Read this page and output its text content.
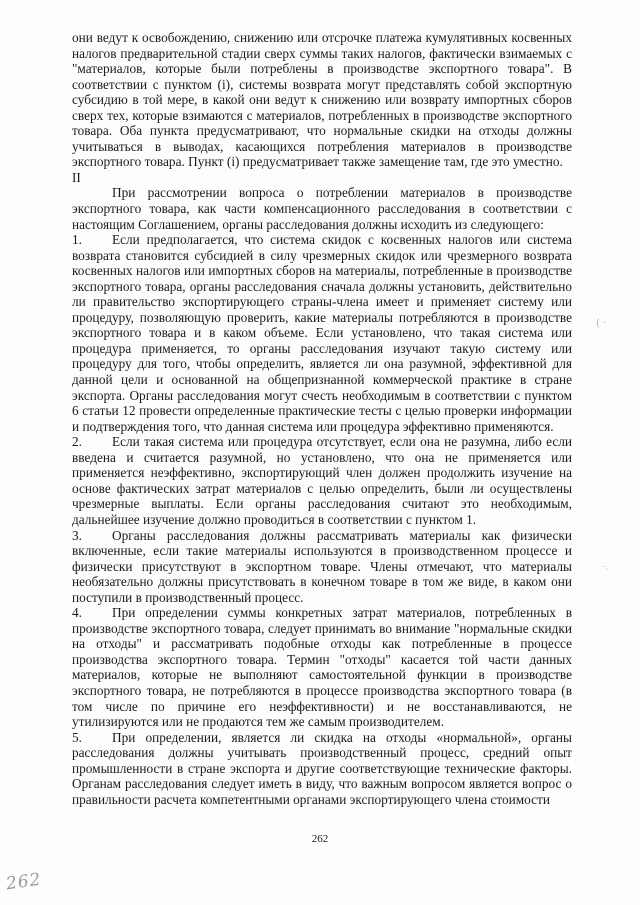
они ведут к освобождению, снижению или отсрочке платежа кумулятивных косвенных налогов предварительной стадии сверх суммы таких налогов, фактически взимаемых с "материалов, которые были потреблены в производстве экспортного товара". В соответствии с пунктом (i), системы возврата могут представлять собой экспортную субсидию в той мере, в какой они ведут к снижению или возврату импортных сборов сверх тех, которые взимаются с материалов, потребленных в производстве экспортного товара. Оба пункта предусматривают, что нормальные скидки на отходы должны учитываться в выводах, касающихся потребления материалов в производстве экспортного товара. Пункт (i) предусматривает также замещение там, где это уместно.

II

При рассмотрении вопроса о потреблении материалов в производстве экспортного товара, как части компенсационного расследования в соответствии с настоящим Соглашением, органы расследования должны исходить из следующего:

1. Если предполагается, что система скидок с косвенных налогов или система возврата становится субсидией в силу чрезмерных скидок или чрезмерного возврата косвенных налогов или импортных сборов на материалы, потребленные в производстве экспортного товара, органы расследования сначала должны установить, действительно ли правительство экспортирующего страны-члена имеет и применяет систему или процедуру, позволяющую проверить, какие материалы потребляются в производстве экспортного товара и в каком объеме. Если установлено, что такая система или процедура применяется, то органы расследования изучают такую систему или процедуру для того, чтобы определить, является ли она разумной, эффективной для данной цели и основанной на общепризнанной коммерческой практике в стране экспорта. Органы расследования могут счесть необходимым в соответствии с пунктом 6 статьи 12 провести определенные практические тесты с целью проверки информации и подтверждения того, что данная система или процедура эффективно применяются.

2. Если такая система или процедура отсутствует, если она не разумна, либо если введена и считается разумной, но установлено, что она не применяется или применяется неэффективно, экспортирующий член должен продолжить изучение на основе фактических затрат материалов с целью определить, были ли осуществлены чрезмерные выплаты. Если органы расследования считают это необходимым, дальнейшее изучение должно проводиться в соответствии с пунктом 1.

3. Органы расследования должны рассматривать материалы как физически включенные, если такие материалы используются в производственном процессе и физически присутствуют в экспортном товаре. Члены отмечают, что материалы необязательно должны присутствовать в конечном товаре в том же виде, в каком они поступили в производственный процесс.

4. При определении суммы конкретных затрат материалов, потребленных в производстве экспортного товара, следует принимать во внимание "нормальные скидки на отходы" и рассматривать подобные отходы как потребленные в процессе производства экспортного товара. Термин "отходы" касается той части данных материалов, которые не выполняют самостоятельной функции в производстве экспортного товара, не потребляются в процессе производства экспортного товара (в том числе по причине его неэффективности) и не восстанавливаются, не утилизируются или не продаются тем же самым производителем.

5. При определении, является ли скидка на отходы «нормальной», органы расследования должны учитывать производственный процесс, средний опыт промышленности в стране экспорта и другие соответствующие технические факторы. Органам расследования следует иметь в виду, что важным вопросом является вопрос о правильности расчета компетентными органами экспортирующего члена стоимости

262
262
( ·
·.
